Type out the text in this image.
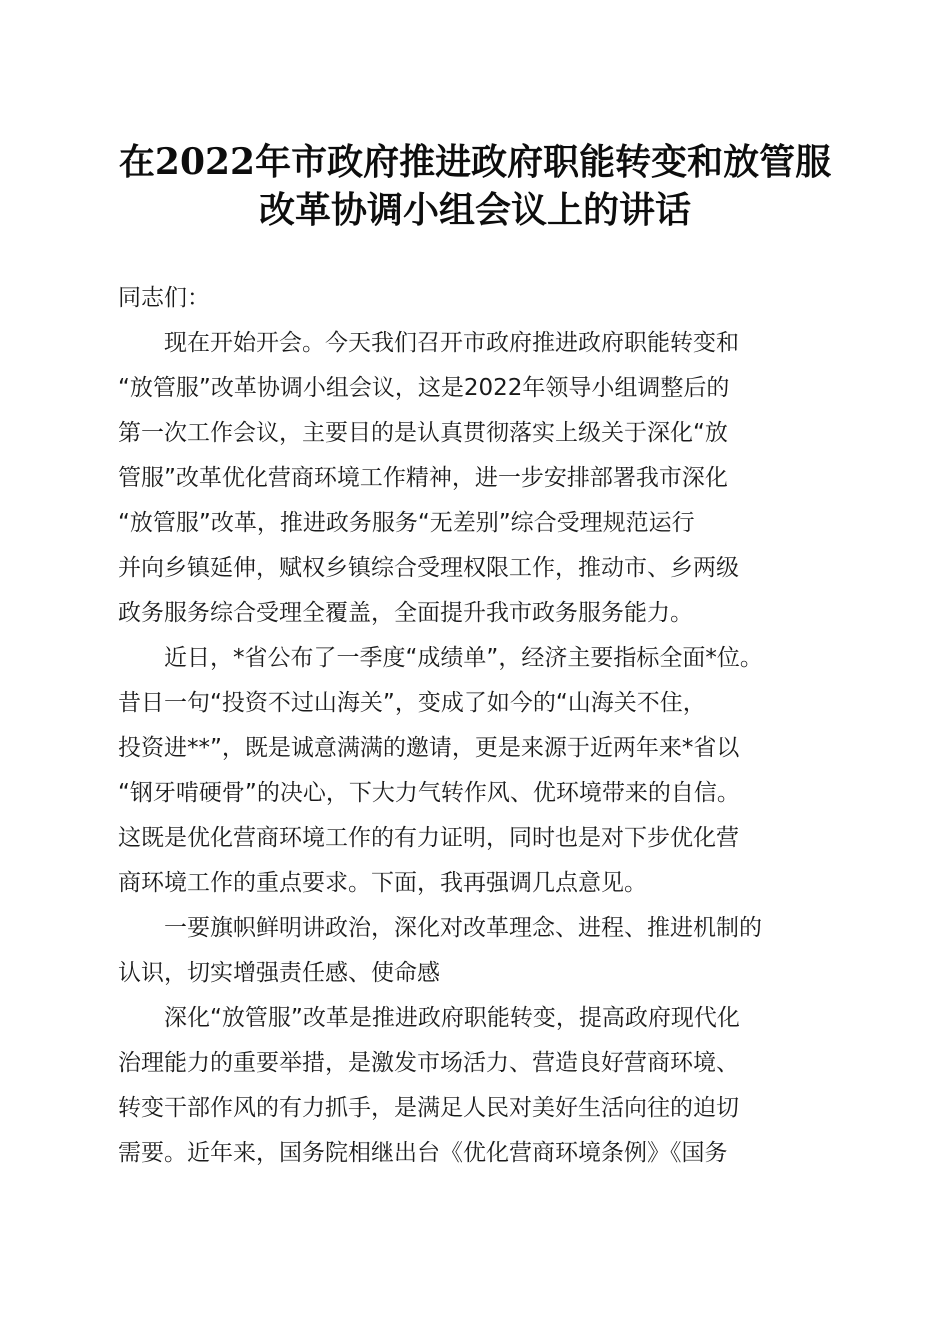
在2022年市政府推进政府职能转变和放管服
改革协调小组会议上的讲话
同志们：
现在开始开会。今天我们召开市政府推进政府职能转变和
“放管服”改革协调小组会议，这是2022年领导小组调整后的
第一次工作会议，主要目的是认真贯彻落实上级关于深化“放
管服”改革优化营商环境工作精神，进一步安排部署我市深化
“放管服”改革，推进政务服务“无差别”综合受理规范运行
并向乡镇延伸，赋权乡镇综合受理权限工作，推动市、乡两级
政务服务综合受理全覆盖，全面提升我市政务服务能力。
近日，*省公布了一季度“成绩单”，经济主要指标全面*位。
昔日一句“投资不过山海关”，变成了如今的“山海关不住，
投资进**”，既是诚意满满的邀请，更是来源于近两年来*省以
“钢牙啃硬骨”的决心，下大力气转作风、优环境带来的自信。
这既是优化营商环境工作的有力证明，同时也是对下步优化营
商环境工作的重点要求。下面，我再强调几点意见。
一要旗帜鲜明讲政治，深化对改革理念、进程、推进机制的
认识，切实增强责任感、使命感
深化“放管服”改革是推进政府职能转变，提高政府现代化
治理能力的重要举措，是激发市场活力、营造良好营商环境、
转变干部作风的有力抓手，是满足人民对美好生活向往的迫切
需要。近年来，国务院相继出台《优化营商环境条例》《国务
